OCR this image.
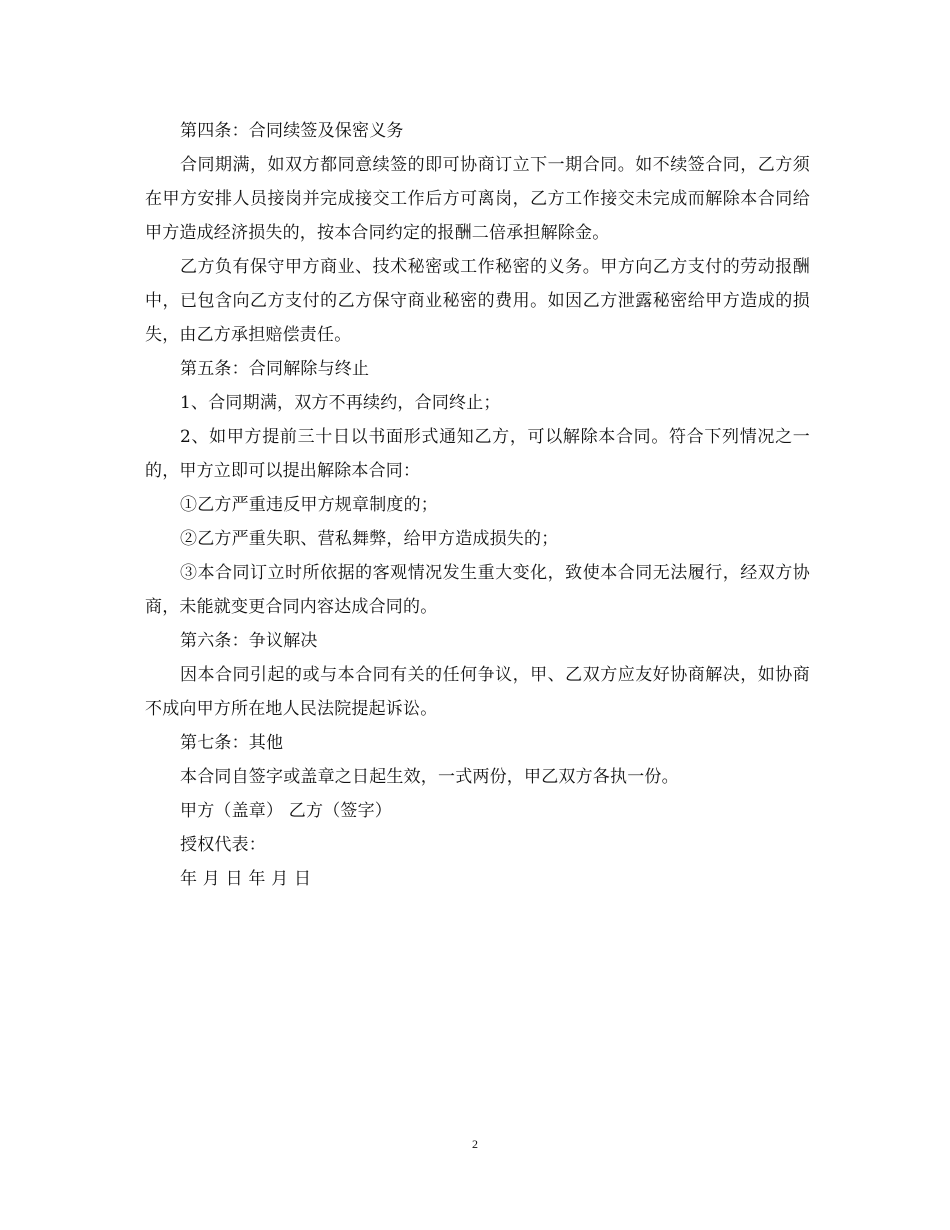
第四条：合同续签及保密义务

合同期满，如双方都同意续签的即可协商订立下一期合同。如不续签合同，乙方须在甲方安排人员接岗并完成接交工作后方可离岗，乙方工作接交未完成而解除本合同给甲方造成经济损失的，按本合同约定的报酬二倍承担解除金。

乙方负有保守甲方商业、技术秘密或工作秘密的义务。甲方向乙方支付的劳动报酬中，已包含向乙方支付的乙方保守商业秘密的费用。如因乙方泄露秘密给甲方造成的损失，由乙方承担赔偿责任。

第五条：合同解除与终止

1、合同期满，双方不再续约，合同终止；

2、如甲方提前三十日以书面形式通知乙方，可以解除本合同。符合下列情况之一的，甲方立即可以提出解除本合同：

①乙方严重违反甲方规章制度的；

②乙方严重失职、营私舞弊，给甲方造成损失的；

③本合同订立时所依据的客观情况发生重大变化，致使本合同无法履行，经双方协商，未能就变更合同内容达成合同的。

第六条：争议解决

因本合同引起的或与本合同有关的任何争议，甲、乙双方应友好协商解决，如协商不成向甲方所在地人民法院提起诉讼。

第七条：其他

本合同自签字或盖章之日起生效，一式两份，甲乙双方各执一份。

甲方（盖章） 乙方（签字）

授权代表：

年 月 日 年 月 日

2
